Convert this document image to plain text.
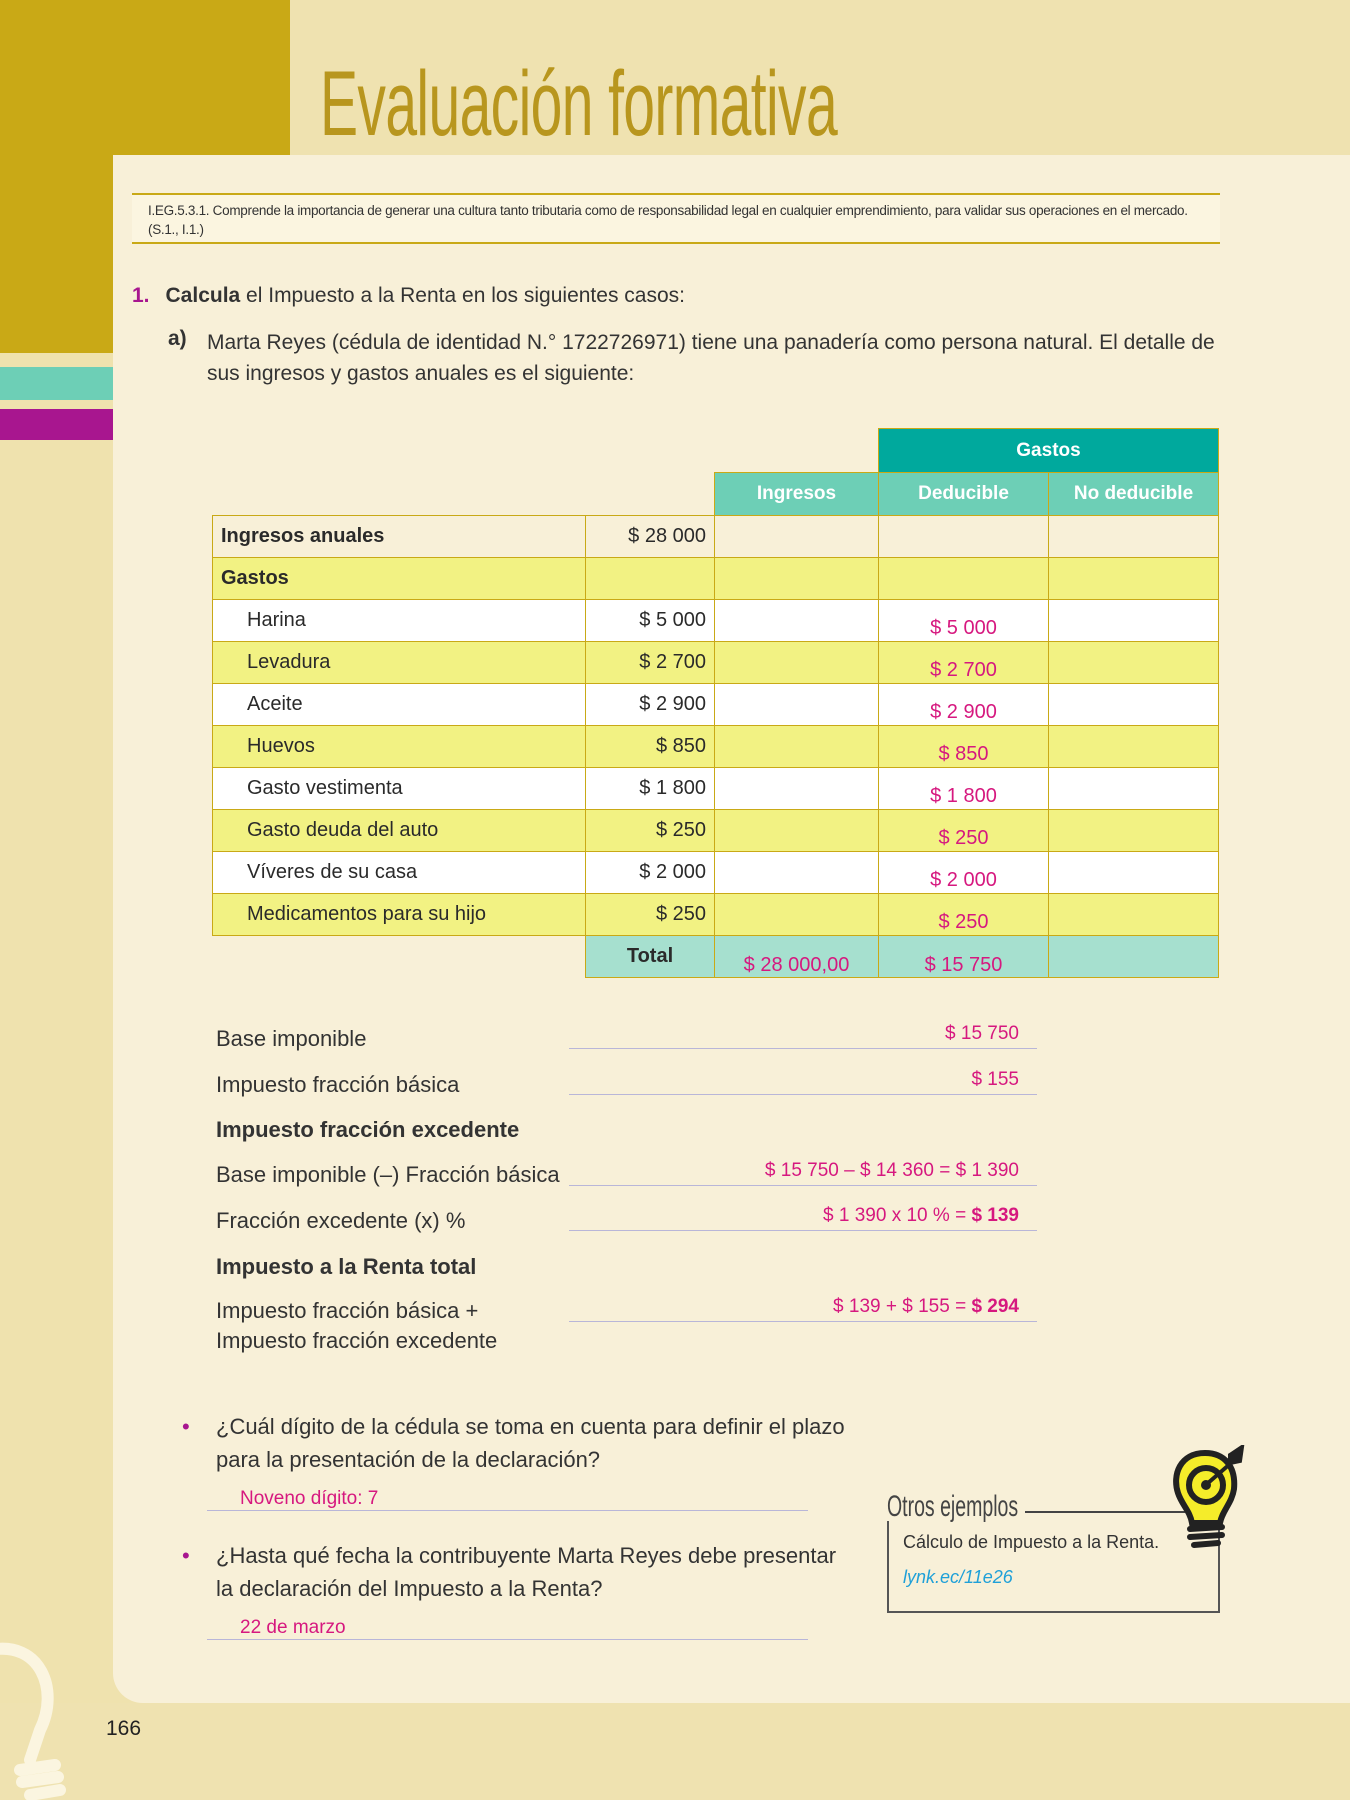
Evaluación formativa
I.EG.5.3.1. Comprende la importancia de generar una cultura tanto tributaria como de responsabilidad legal en cualquier emprendimiento, para validar sus operaciones en el mercado. (S.1., I.1.)
1. Calcula el Impuesto a la Renta en los siguientes casos:
a) Marta Reyes (cédula de identidad N.° 1722726971) tiene una panadería como persona natural. El detalle de sus ingresos y gastos anuales es el siguiente:
Gastos
Ingresos	Deducible	No deducible
Ingresos anuales	$ 28 000			
Gastos				
Harina	$ 5 000		$ 5 000	
Levadura	$ 2 700		$ 2 700	
Aceite	$ 2 900		$ 2 900	
Huevos	$ 850		$ 850	
Gasto vestimenta	$ 1 800		$ 1 800	
Gasto deuda del auto	$ 250		$ 250	
Víveres de su casa	$ 2 000		$ 2 000	
Medicamentos para su hijo	$ 250		$ 250	
	Total	$ 28 000,00	$ 15 750	
Base imponible	$ 15 750
Impuesto fracción básica	$ 155
Impuesto fracción excedente
Base imponible (–) Fracción básica	$ 15 750 – $ 14 360 = $ 1 390
Fracción excedente (x) %	$ 1 390 x 10 % = $ 139
Impuesto a la Renta total
Impuesto fracción básica +
Impuesto fracción excedente
$ 139 + $ 155 = $ 294
• ¿Cuál dígito de la cédula se toma en cuenta para definir el plazo para la presentación de la declaración?
Noveno dígito: 7
• ¿Hasta qué fecha la contribuyente Marta Reyes debe presentar la declaración del Impuesto a la Renta?
22 de marzo
Otros ejemplos
Cálculo de Impuesto a la Renta.
lynk.ec/11e26
166
